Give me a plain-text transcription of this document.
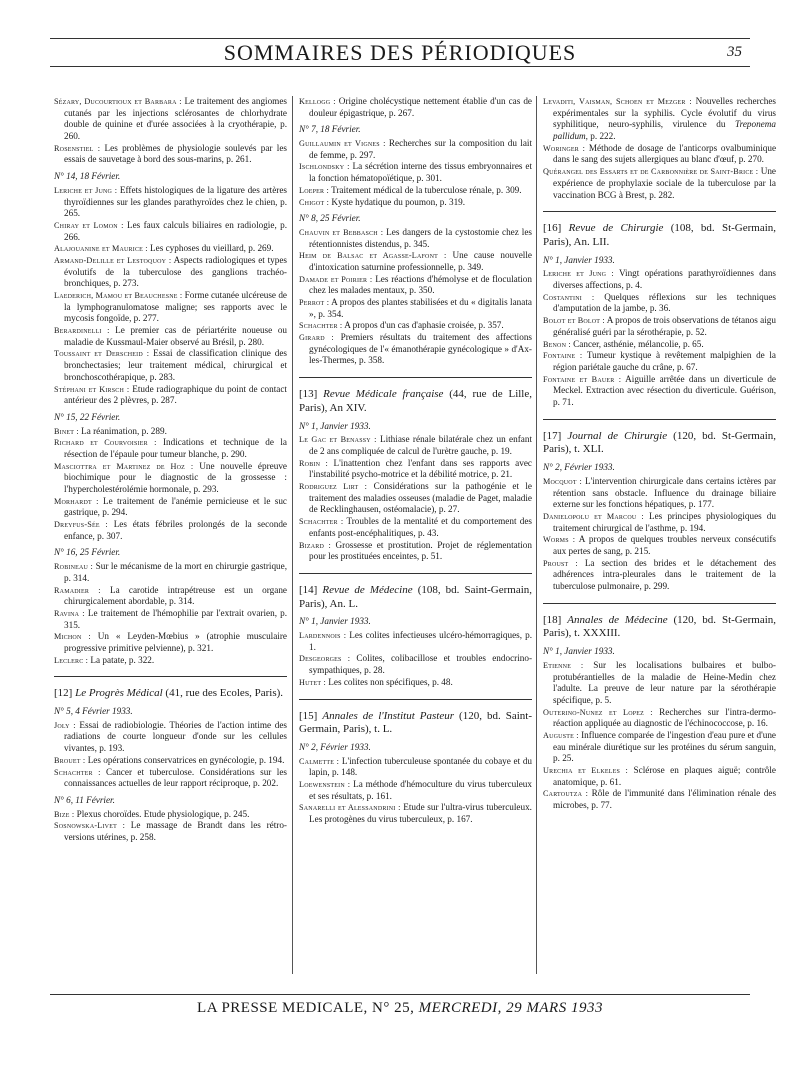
SOMMAIRES DES PÉRIODIQUES	35

Sézary, Ducourtioux et Barbara : Le traitement des angiomes cutanés par les injections sclérosantes de chlorhydrate double de quinine et d'urée associées à la cryothérapie, p. 260.

Rosenstiel : Les problèmes de physiologie soulevés par les essais de sauvetage à bord des sous-marins, p. 261.

N° 14, 18 Février.

Leriche et Jung : Effets histologiques de la ligature des artères thyroïdiennes sur les glandes parathyroïdes chez le chien, p. 265.

Chiray et Lomon : Les faux calculs biliaires en radiologie, p. 266.

Alajouanine et Maurice : Les cyphoses du vieillard, p. 269.

Armand-Delille et Lestoquoy : Aspects radiologiques et types évolutifs de la tuberculose des ganglions trachéo-bronchiques, p. 273.

Laederich, Mamou et Beauchesne : Forme cutanée ulcéreuse de la lymphogranulomatose maligne; ses rapports avec le mycosis fongoïde, p. 277.

Berardinelli : Le premier cas de périartérite noueuse ou maladie de Kussmaul-Maier observé au Brésil, p. 280.

Toussaint et Derscheid : Essai de classification clinique des bronchectasies; leur traitement médical, chirurgical et bronchoscothérapique, p. 283.

Stéphani et Kirsch : Etude radiographique du point de contact antérieur des 2 plèvres, p. 287.

N° 15, 22 Février.

Binet : La réanimation, p. 289.

Richard et Courvoisier : Indications et technique de la résection de l'épaule pour tumeur blanche, p. 290.

Masciottra et Martinez de Hoz : Une nouvelle épreuve biochimique pour le diagnostic de la grossesse : l'hypercholestérolémie hormonale, p. 293.

Morhardt : Le traitement de l'anémie pernicieuse et le suc gastrique, p. 294.

Dreyfus-Sée : Les états fébriles prolongés de la seconde enfance, p. 307.

N° 16, 25 Février.

Robineau : Sur le mécanisme de la mort en chirurgie gastrique, p. 314.

Ramadier : La carotide intrapétreuse est un organe chirurgicalement abordable, p. 314.

Ravina : Le traitement de l'hémophilie par l'extrait ovarien, p. 315.

Michon : Un « Leyden-Mœbius » (atrophie musculaire progressive primitive pelvienne), p. 321.

Leclerc : La patate, p. 322.

[12] Le Progrès Médical (41, rue des Ecoles, Paris).

N° 5, 4 Février 1933.

Joly : Essai de radiobiologie. Théories de l'action intime des radiations de courte longueur d'onde sur les cellules vivantes, p. 193.

Brouet : Les opérations conservatrices en gynécologie, p. 194.

Schachter : Cancer et tuberculose. Considérations sur les connaissances actuelles de leur rapport réciproque, p. 202.

N° 6, 11 Février.

Bize : Plexus choroïdes. Etude physiologique, p. 245.

Sosnowska-Livet : Le massage de Brandt dans les rétro-versions utérines, p. 258.

Kellogg : Origine cholécystique nettement établie d'un cas de douleur épigastrique, p. 267.

N° 7, 18 Février.

Guillaumin et Vignes : Recherches sur la composition du lait de femme, p. 297.

Ischlondsky : La sécrétion interne des tissus embryonnaires et la fonction hématopoïétique, p. 301.

Loeper : Traitement médical de la tuberculose rénale, p. 309.

Chigot : Kyste hydatique du poumon, p. 319.

N° 8, 25 Février.

Chauvin et Bebbasch : Les dangers de la cystostomie chez les rétentionnistes distendus, p. 345.

Heim de Balsac et Agasse-Lafont : Une cause nouvelle d'intoxication saturnine professionnelle, p. 349.

Damade et Poirier : Les réactions d'hémolyse et de floculation chez les malades mentaux, p. 350.

Perrot : A propos des plantes stabilisées et du « digitalis lanata », p. 354.

Schachter : A propos d'un cas d'aphasie croisée, p. 357.

Girard : Premiers résultats du traitement des affections gynécologiques de l'« émanothérapie gynécologique » d'Ax-les-Thermes, p. 358.

[13] Revue Médicale française (44, rue de Lille, Paris), An XIV.

N° 1, Janvier 1933.

Le Gac et Benassy : Lithiase rénale bilatérale chez un enfant de 2 ans compliquée de calcul de l'urètre gauche, p. 19.

Robin : L'inattention chez l'enfant dans ses rapports avec l'instabilité psycho-motrice et la débilité motrice, p. 21.

Rodriguez Lirt : Considérations sur la pathogénie et le traitement des maladies osseuses (maladie de Paget, maladie de Recklinghausen, ostéomalacie), p. 27.

Schachter : Troubles de la mentalité et du comportement des enfants post-encéphalitiques, p. 43.

Bizard : Grossesse et prostitution. Projet de réglementation pour les prostituées enceintes, p. 51.

[14] Revue de Médecine (108, bd. Saint-Germain, Paris), An. L.

N° 1, Janvier 1933.

Lardennois : Les colites infectieuses ulcéro-hémorragiques, p. 1.

Desgeorges : Colites, colibacillose et troubles endocrino-sympathiques, p. 28.

Hutet : Les colites non spécifiques, p. 48.

[15] Annales de l'Institut Pasteur (120, bd. Saint-Germain, Paris), t. L.

N° 2, Février 1933.

Calmette : L'infection tuberculeuse spontanée du cobaye et du lapin, p. 148.

Loewenstein : La méthode d'hémoculture du virus tuberculeux et ses résultats, p. 161.

Sanarelli et Alessandrini : Etude sur l'ultra-virus tuberculeux. Les protogènes du virus tuberculeux, p. 167.

Levaditi, Vaisman, Schoen et Mezger : Nouvelles recherches expérimentales sur la syphilis. Cycle évolutif du virus syphilitique, neuro-syphilis, virulence du Treponema pallidum, p. 222.

Woringer : Méthode de dosage de l'anticorps ovalbuminique dans le sang des sujets allergiques au blanc d'œuf, p. 270.

Quérangel des Essarts et de Carbonnière de Saint-Brice : Une expérience de prophylaxie sociale de la tuberculose par la vaccination BCG à Brest, p. 282.

[16] Revue de Chirurgie (108, bd. St-Germain, Paris), An. LII.

N° 1, Janvier 1933.

Leriche et Jung : Vingt opérations parathyroïdiennes dans diverses affections, p. 4.

Costantini : Quelques réflexions sur les techniques d'amputation de la jambe, p. 36.

Bolot et Bolot : A propos de trois observations de tétanos aigu généralisé guéri par la sérothérapie, p. 52.

Benon : Cancer, asthénie, mélancolie, p. 65.

Fontaine : Tumeur kystique à revêtement malpighien de la région pariétale gauche du crâne, p. 67.

Fontaine et Bauer : Aiguille arrêtée dans un diverticule de Meckel. Extraction avec résection du diverticule. Guérison, p. 71.

[17] Journal de Chirurgie (120, bd. St-Germain, Paris), t. XLI.

N° 2, Février 1933.

Mocquot : L'intervention chirurgicale dans certains ictères par rétention sans obstacle. Influence du drainage biliaire externe sur les fonctions hépatiques, p. 177.

Danielopolu et Marcou : Les principes physiologiques du traitement chirurgical de l'asthme, p. 194.

Worms : A propos de quelques troubles nerveux consécutifs aux pertes de sang, p. 215.

Proust : La section des brides et le détachement des adhérences intra-pleurales dans le traitement de la tuberculose pulmonaire, p. 299.

[18] Annales de Médecine (120, bd. St-Germain, Paris), t. XXXIII.

N° 1, Janvier 1933.

Etienne : Sur les localisations bulbaires et bulbo-protubérantielles de la maladie de Heine-Medin chez l'adulte. La preuve de leur nature par la sérothérapie spécifique, p. 5.

Outerino-Nunez et Lopez : Recherches sur l'intra-dermo-réaction appliquée au diagnostic de l'échinococcose, p. 16.

Auguste : Influence comparée de l'ingestion d'eau pure et d'une eau minérale diurétique sur les protéines du sérum sanguin, p. 25.

Urechia et Elkeles : Sclérose en plaques aiguë; contrôle anatomique, p. 61.

Cartoutza : Rôle de l'immunité dans l'élimination rénale des microbes, p. 77.

LA PRESSE MEDICALE, N° 25, MERCREDI, 29 MARS 1933
